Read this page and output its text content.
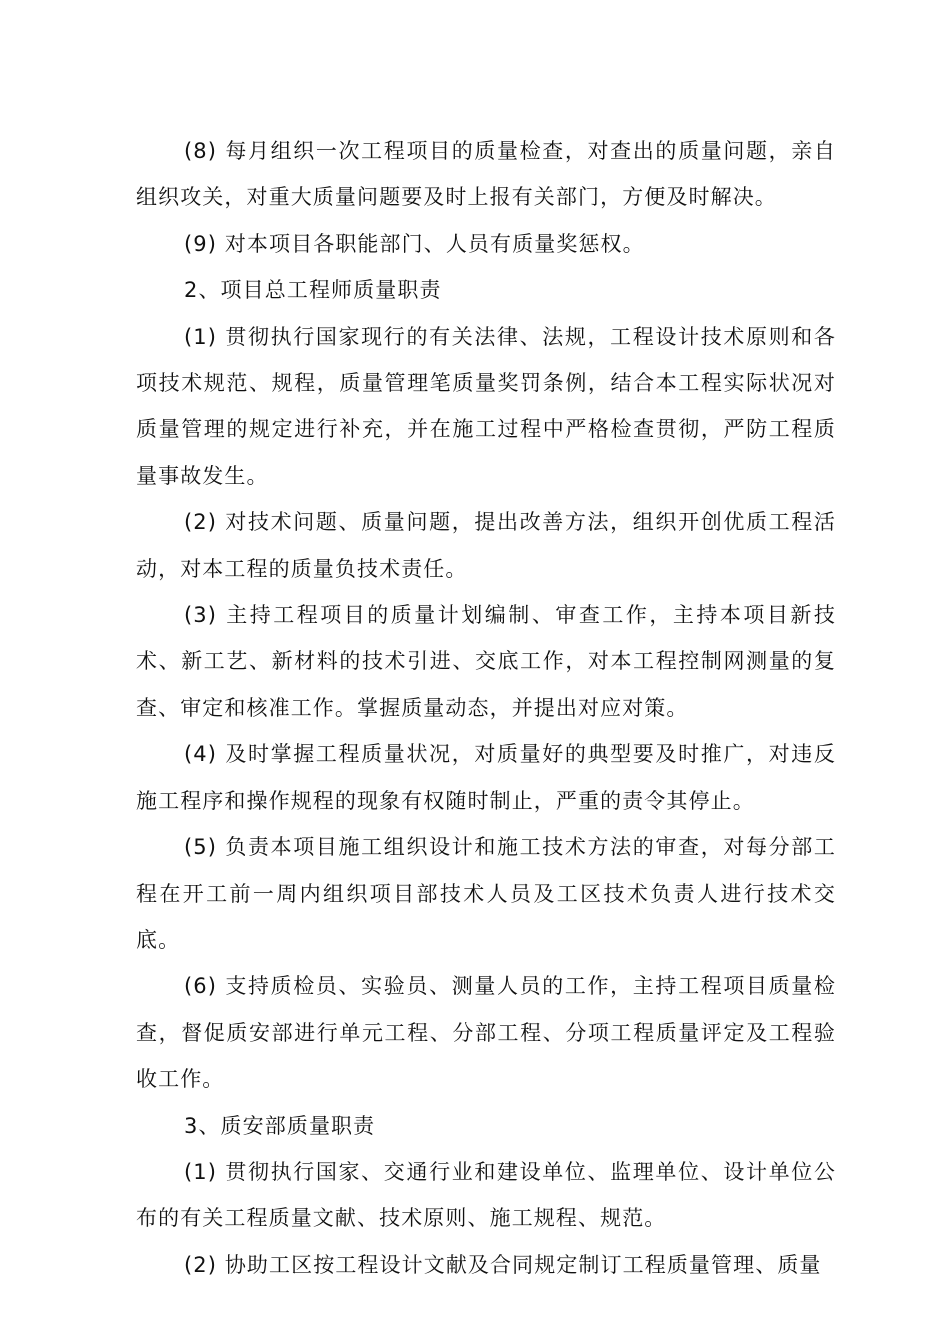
(8) 每月组织一次工程项目的质量检查，对查出的质量问题，亲自组织攻关，对重大质量问题要及时上报有关部门，方便及时解决。

(9) 对本项目各职能部门、人员有质量奖惩权。

2、项目总工程师质量职责

(1) 贯彻执行国家现行的有关法律、法规，工程设计技术原则和各项技术规范、规程，质量管理笔质量奖罚条例，结合本工程实际状况对质量管理的规定进行补充，并在施工过程中严格检查贯彻，严防工程质量事故发生。

(2) 对技术问题、质量问题，提出改善方法，组织开创优质工程活动，对本工程的质量负技术责任。

(3) 主持工程项目的质量计划编制、审查工作，主持本项目新技术、新工艺、新材料的技术引进、交底工作，对本工程控制网测量的复查、审定和核准工作。掌握质量动态，并提出对应对策。

(4) 及时掌握工程质量状况，对质量好的典型要及时推广，对违反施工程序和操作规程的现象有权随时制止，严重的责令其停止。

(5) 负责本项目施工组织设计和施工技术方法的审查，对每分部工程在开工前一周内组织项目部技术人员及工区技术负责人进行技术交底。

(6) 支持质检员、实验员、测量人员的工作，主持工程项目质量检查，督促质安部进行单元工程、分部工程、分项工程质量评定及工程验收工作。

3、质安部质量职责

(1) 贯彻执行国家、交通行业和建设单位、监理单位、设计单位公布的有关工程质量文献、技术原则、施工规程、规范。

(2) 协助工区按工程设计文献及合同规定制订工程质量管理、质量
